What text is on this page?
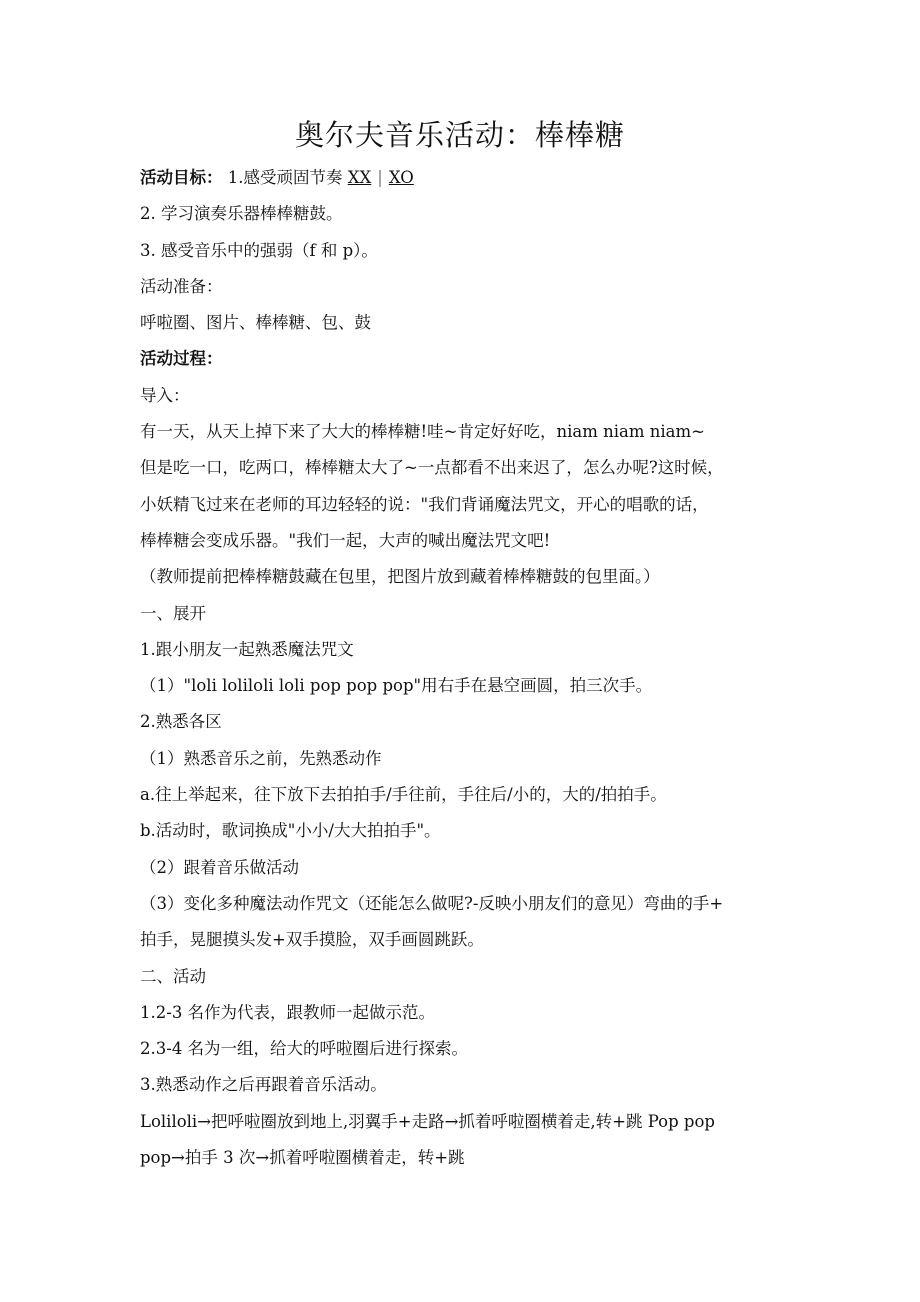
奥尔夫音乐活动：棒棒糖
活动目标： 1.感受顽固节奏 XX | XO
2. 学习演奏乐器棒棒糖鼓。
3. 感受音乐中的强弱（f 和 p）。
活动准备：
呼啦圈、图片、棒棒糖、包、鼓
活动过程：
导入：
有一天，从天上掉下来了大大的棒棒糖!哇~肯定好好吃，niam niam niam~
但是吃一口，吃两口，棒棒糖太大了~一点都看不出来迟了，怎么办呢?这时候，
小妖精飞过来在老师的耳边轻轻的说："我们背诵魔法咒文，开心的唱歌的话，
棒棒糖会变成乐器。"我们一起，大声的喊出魔法咒文吧!
（教师提前把棒棒糖鼓藏在包里，把图片放到藏着棒棒糖鼓的包里面。）
一、展开
1.跟小朋友一起熟悉魔法咒文
（1）"loli loliloli loli pop pop pop"用右手在悬空画圆，拍三次手。
2.熟悉各区
（1）熟悉音乐之前，先熟悉动作
a.往上举起来，往下放下去拍拍手/手往前，手往后/小的，大的/拍拍手。
b.活动时，歌词换成"小小/大大拍拍手"。
（2）跟着音乐做活动
（3）变化多种魔法动作咒文（还能怎么做呢?-反映小朋友们的意见）弯曲的手+
拍手，晃腿摸头发+双手摸脸，双手画圆跳跃。
二、活动
1.2-3 名作为代表，跟教师一起做示范。
2.3-4 名为一组，给大的呼啦圈后进行探索。
3.熟悉动作之后再跟着音乐活动。
Loliloli→把呼啦圈放到地上,羽翼手+走路→抓着呼啦圈横着走,转+跳 Pop pop
pop→拍手 3 次→抓着呼啦圈横着走，转+跳
